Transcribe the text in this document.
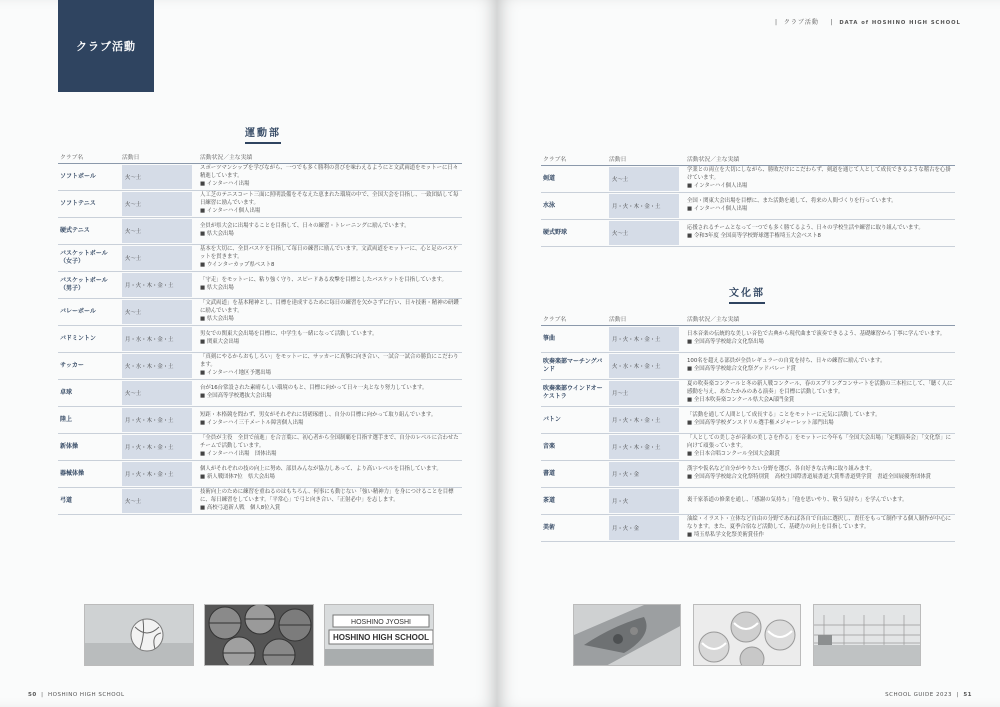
クラブ活動
運動部
クラブ名	活動日	活動状況／主な実績
ソフトボール	火〜土	スポーツマンシップを学びながら、一つでも多く勝利の喜びを味わえるようにと文武両道をモットーに日々精進しています。
■ インターハイ出場

ソフトテニス	火〜土	人工芝のテニスコート三面に照明設備をそなえた恵まれた環境の中で、全国大会を目指し、一致団結して毎日練習に励んでいます。
■ インターハイ個人出場

硬式テニス	火〜土	全員が県大会に出場することを目指して、日々の練習・トレーニングに励んでいます。
■ 県大会出場

バスケットボール（女子）	火〜土	基本を大切に、全員バスケを目指して毎日の練習に励んでいます。文武両道をモットーに、心と足のバスケットを貫きます。
■ ウインターカップ県ベスト8

バスケットボール（男子）	月・火・木・金・土	「守走」をモットーに、粘り強く守り、スピードある攻撃を目標としたバスケットを目指しています。
■ 県大会出場

バレーボール	火〜土	「文武両道」を基本精神とし、目標を達成するために毎日の練習を欠かさずに行い、日々技術・精神の研鑽に励んでいます。
■ 県大会出場

バドミントン	月・水・木・金・土	男女での関東大会出場を目標に、中学生も一緒になって活動しています。
■ 関東大会出場

サッカー	火・水・木・金・土	「真剣にやるからおもしろい」をモットーに、サッカーに真摯に向き合い、一試合一試合の勝負にこだわります。
■ インターハイ地区予選出場

卓球	火〜土	台が16台常設された素晴らしい環境のもと、目標に向かって日々一丸となり努力しています。
■ 全国高等学校選抜大会出場

陸上	月・火・木・金・土	短距・本格競を問わず、男女がそれぞれに切磋琢磨し、自分の目標に向かって取り組んでいます。
■ インターハイ三千メートル障害個人出場

新体操	月・火・木・金・土	「全員が主役　全員で前進」を合言葉に、初心者から全国制覇を目指す選手まで、自分のレベルに合わせたチームで活動しています。
■ インターハイ出場　団体出場

器械体操	月・火・木・金・土	個人がそれぞれの技の向上に努め、部員みんなが協力しあって、より高いレベルを目指しています。
■ 新人戦団体7位　県大会出場

弓道	火〜土	技術向上のために練習を重ねるのはもちろん、何事にも動じない「強い精神力」を身につけることを目標に、毎日練習をしています。「平常心」で弓と向き合い、「正射必中」を志します。
■ 高校弓道新人戦　個人8位入賞
HOSHINO JYOSHI
HOSHINO HIGH SCHOOL
50  |  HOSHINO HIGH SCHOOL
|  クラブ活動    |  DATA of HOSHINO HIGH SCHOOL
クラブ名	活動日	活動状況／主な実績
剣道	火〜土	学業との両立を大切にしながら、勝敗だけにこだわらず、剣道を通じて人として成長できるような稽古を心掛けています。
■ インターハイ個人出場

水泳	月・火・木・金・土	全国・関東大会出場を目標に、また活動を通して、将来の人間づくりを行っています。
■ インターハイ個人出場

硬式野球	火〜土	応援されるチームとなって一つでも多く勝てるよう、日々の学校生活や練習に取り組んでいます。
■ 令和3年度 全国高等学校野球選手権埼玉大会ベスト8
文化部
クラブ名	活動日	活動状況／主な実績
箏曲	月・火・木・金・土	日本音楽の伝統的な美しい音色で古典から現代曲まで演奏できるよう、基礎練習から丁寧に学んでいます。
■ 全国高等学校総合文化祭出場

吹奏楽部マーチングバンド	火・水・木・金・土	100名を超える部員が全員レギュラーの自覚を持ち、日々の練習に励んでいます。
■ 全国高等学校総合文化祭グッドパレード賞

吹奏楽部ウインドオーケストラ	月〜土	夏の吹奏楽コンクールと冬の新人戦コンクール、春のスプリングコンサートを活動の三本柱にして、「聴く人に感動を与え、あたたかみのある演奏」を目標に活動しています。
■ 全日本吹奏楽コンクール県大会A部門金賞

バトン	月・火・木・金・土	「活動を通して人間として成長する」ことをモットーに元気に活動しています。
■ 全国高等学校ダンスドリル選手権メジャーレット部門出場

音楽	月・火・木・金・土	「人としての美しさが音楽の美しさを作る」をモットーに今年も「全国大会出場」「定期演奏会」「文化祭」に向けて頑張っています。
■ 全日本合唱コンクール全国大会銀賞

書道	月・火・金	漢字や仮名など自分がやりたい分野を選び、各自好きな古典に取り組みます。
■ 全国高等学校総合文化祭特別賞　高校生国際書道展書道大賞準書道奨学賞　書道全国展優秀団体賞

茶道	月・火	裏千家茶道の修業を通し、「感謝の気持ち」「他を思いやり、敬う気持ち」を学んでいます。
美術	月・火・金	油絵・イラスト・立体など自由の分野であれば各自で自由に選択し、責任をもって制作する個人制作が中心になります。また、夏季合宿など活動して、基礎力の向上を目指しています。
■ 埼玉県私学文化祭美術賞佳作
SCHOOL GUIDE 2023  |  51
